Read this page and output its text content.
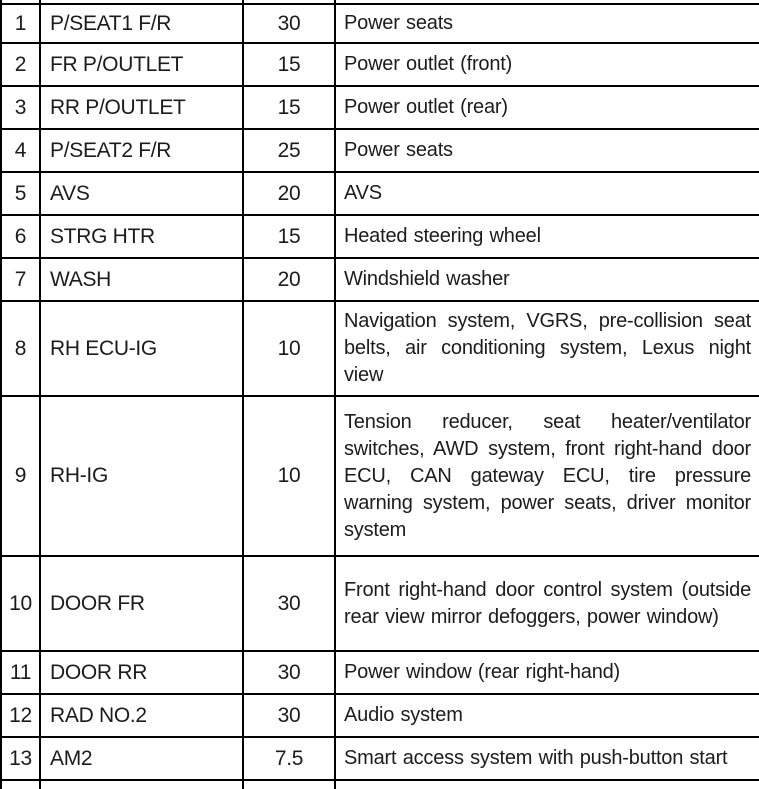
1	P/SEAT1 F/R	30	Power seats
2	FR P/OUTLET	15	Power outlet (front)
3	RR P/OUTLET	15	Power outlet (rear)
4	P/SEAT2 F/R	25	Power seats
5	AVS	20	AVS
6	STRG HTR	15	Heated steering wheel
7	WASH	20	Windshield washer
8	RH ECU-IG	10	Navigation system, VGRS, pre-collision seat belts, air conditioning system, Lexus night view
9	RH-IG	10	Tension reducer, seat heater/ventilator switches, AWD system, front right-hand door ECU, CAN gateway ECU, tire pressure warning system, power seats, driver monitor system
10	DOOR FR	30	Front right-hand door control system (outside rear view mirror defoggers, power window)
11	DOOR RR	30	Power window (rear right-hand)
12	RAD NO.2	30	Audio system
13	AM2	7.5	Smart access system with push-button start
